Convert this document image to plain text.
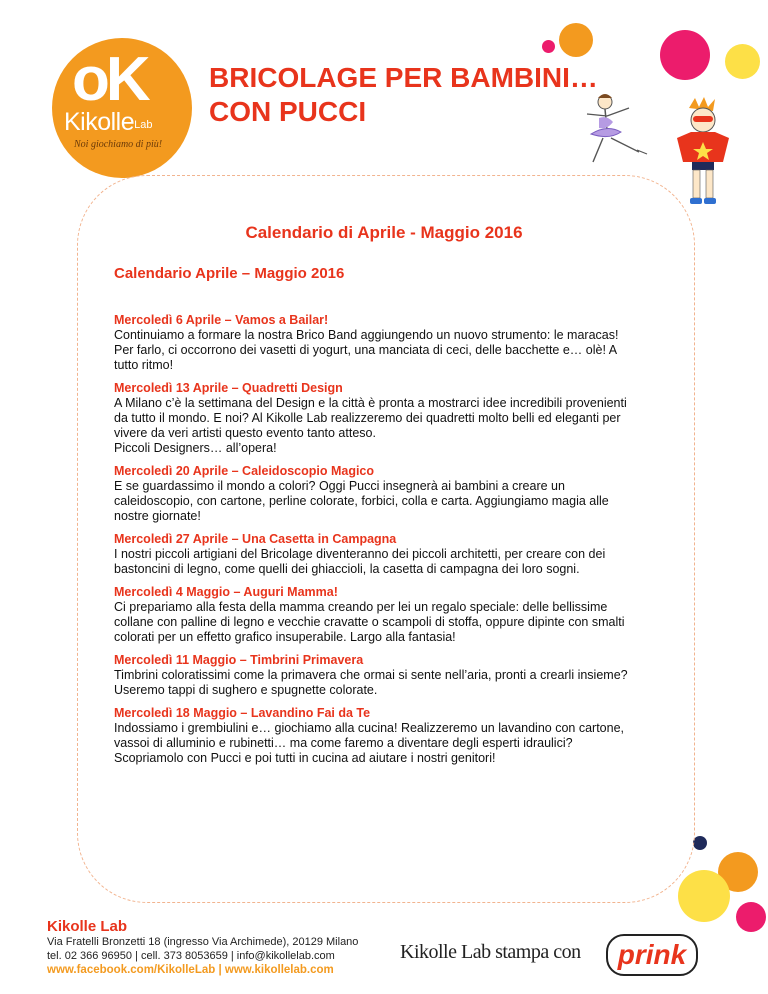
oK
Kikolle$_{Lab}$
Noi giochiamo di più!
BRICOLAGE PER BAMBINI…
CON PUCCI
Calendario di Aprile - Maggio 2016
Calendario Aprile – Maggio 2016
Mercoledì 6 Aprile – Vamos a Bailar!
Continuiamo a formare la nostra Brico Band aggiungendo un nuovo strumento: le maracas!
Per farlo, ci occorrono dei vasetti di yogurt, una manciata di ceci, delle bacchette e… olè! A tutto ritmo!
Mercoledì 13 Aprile – Quadretti Design
A Milano c’è la settimana del Design e la città è pronta a mostrarci idee incredibili provenienti da tutto il mondo. E noi? Al Kikolle Lab realizzeremo dei quadretti molto belli ed eleganti per vivere da veri artisti questo evento tanto atteso.
Piccoli Designers… all’opera!
Mercoledì 20 Aprile – Caleidoscopio Magico
E se guardassimo il mondo a colori? Oggi Pucci insegnerà ai bambini a creare un caleidoscopio, con cartone, perline colorate, forbici, colla e carta. Aggiungiamo magia alle nostre giornate!
Mercoledì 27 Aprile – Una Casetta in Campagna
I nostri piccoli artigiani del Bricolage diventeranno dei piccoli architetti, per creare con dei bastoncini di legno, come quelli dei ghiaccioli, la casetta di campagna dei loro sogni.
Mercoledì 4 Maggio – Auguri Mamma!
Ci prepariamo alla festa della mamma creando per lei un regalo speciale: delle bellissime collane con palline di legno e vecchie cravatte o scampoli di stoffa, oppure dipinte con smalti colorati per un effetto grafico insuperabile. Largo alla fantasia!
Mercoledì 11 Maggio – Timbrini Primavera
Timbrini coloratissimi come la primavera che ormai si sente nell’aria, pronti a crearli insieme? Useremo tappi di sughero e spugnette colorate.
Mercoledì 18 Maggio – Lavandino Fai da Te
Indossiamo i grembiulini e… giochiamo alla cucina! Realizzeremo un lavandino con cartone, vassoi di alluminio e rubinetti… ma come faremo a diventare degli esperti idraulici? Scopriamolo con Pucci e poi tutti in cucina ad aiutare i nostri genitori!
Kikolle Lab
Via Fratelli Bronzetti 18 (ingresso Via Archimede), 20129 Milano
tel. 02 366 96950 | cell. 373 8053659 | info@kikollelab.com
www.facebook.com/KikolleLab | www.kikollelab.com
Kikolle Lab stampa con	prink
